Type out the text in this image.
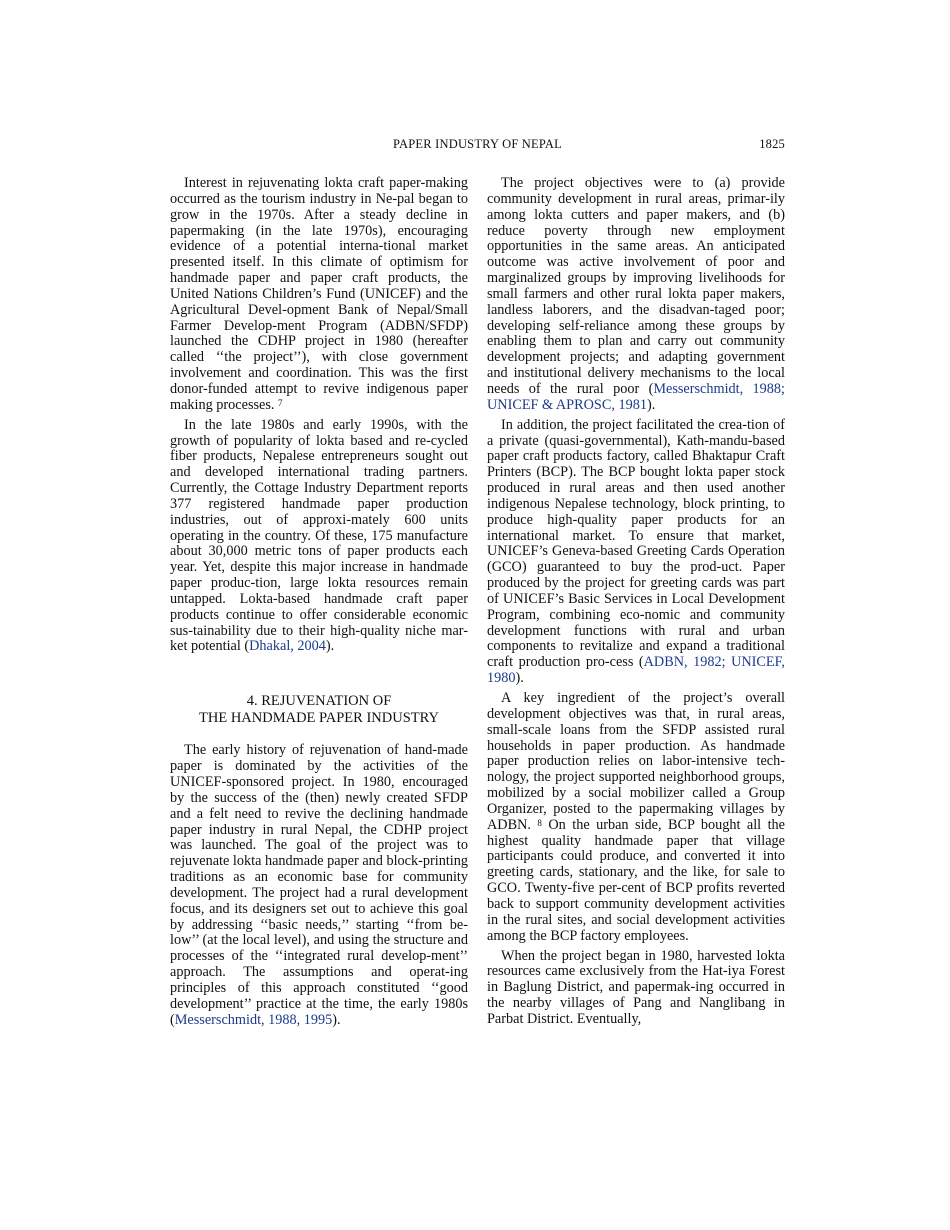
PAPER INDUSTRY OF NEPAL	1825

Interest in rejuvenating lokta craft paper-making occurred as the tourism industry in Ne-pal began to grow in the 1970s. After a steady decline in papermaking (in the late 1970s), encouraging evidence of a potential interna-tional market presented itself. In this climate of optimism for handmade paper and paper craft products, the United Nations Children’s Fund (UNICEF) and the Agricultural Devel-opment Bank of Nepal/Small Farmer Develop-ment Program (ADBN/SFDP) launched the CDHP project in 1980 (hereafter called ‘‘the project’’), with close government involvement and coordination. This was the first donor-funded attempt to revive indigenous paper making processes. $^7$

In the late 1980s and early 1990s, with the growth of popularity of lokta based and re-cycled fiber products, Nepalese entrepreneurs sought out and developed international trading partners. Currently, the Cottage Industry Department reports 377 registered handmade paper production industries, out of approxi-mately 600 units operating in the country. Of these, 175 manufacture about 30,000 metric tons of paper products each year. Yet, despite this major increase in handmade paper produc-tion, large lokta resources remain untapped. Lokta-based handmade craft paper products continue to offer considerable economic sus-tainability due to their high-quality niche mar-ket potential (Dhakal, 2004).

4. REJUVENATION OF
THE HANDMADE PAPER INDUSTRY

The early history of rejuvenation of hand-made paper is dominated by the activities of the UNICEF-sponsored project. In 1980, encouraged by the success of the (then) newly created SFDP and a felt need to revive the declining handmade paper industry in rural Nepal, the CDHP project was launched. The goal of the project was to rejuvenate lokta handmade paper and block-printing traditions as an economic base for community development. The project had a rural development focus, and its designers set out to achieve this goal by addressing ‘‘basic needs,’’ starting ‘‘from be-low’’ (at the local level), and using the structure and processes of the ‘‘integrated rural develop-ment’’ approach. The assumptions and operat-ing principles of this approach constituted ‘‘good development’’ practice at the time, the early 1980s (Messerschmidt, 1988, 1995).

The project objectives were to (a) provide community development in rural areas, primar-ily among lokta cutters and paper makers, and (b) reduce poverty through new employment opportunities in the same areas. An anticipated outcome was active involvement of poor and marginalized groups by improving livelihoods for small farmers and other rural lokta paper makers, landless laborers, and the disadvan-taged poor; developing self-reliance among these groups by enabling them to plan and carry out community development projects; and adapting government and institutional delivery mechanisms to the local needs of the rural poor (Messerschmidt, 1988; UNICEF & APROSC, 1981).

In addition, the project facilitated the crea-tion of a private (quasi-governmental), Kath-mandu-based paper craft products factory, called Bhaktapur Craft Printers (BCP). The BCP bought lokta paper stock produced in rural areas and then used another indigenous Nepalese technology, block printing, to produce high-quality paper products for an international market. To ensure that market, UNICEF’s Geneva-based Greeting Cards Operation (GCO) guaranteed to buy the prod-uct. Paper produced by the project for greeting cards was part of UNICEF’s Basic Services in Local Development Program, combining eco-nomic and community development functions with rural and urban components to revitalize and expand a traditional craft production pro-cess (ADBN, 1982; UNICEF, 1980).

A key ingredient of the project’s overall development objectives was that, in rural areas, small-scale loans from the SFDP assisted rural households in paper production. As handmade paper production relies on labor-intensive tech-nology, the project supported neighborhood groups, mobilized by a social mobilizer called a Group Organizer, posted to the papermaking villages by ADBN. $^8$ On the urban side, BCP bought all the highest quality handmade paper that village participants could produce, and converted it into greeting cards, stationary, and the like, for sale to GCO. Twenty-five per-cent of BCP profits reverted back to support community development activities in the rural sites, and social development activities among the BCP factory employees.

When the project began in 1980, harvested lokta resources came exclusively from the Hat-iya Forest in Baglung District, and papermak-ing occurred in the nearby villages of Pang and Nanglibang in Parbat District. Eventually,
